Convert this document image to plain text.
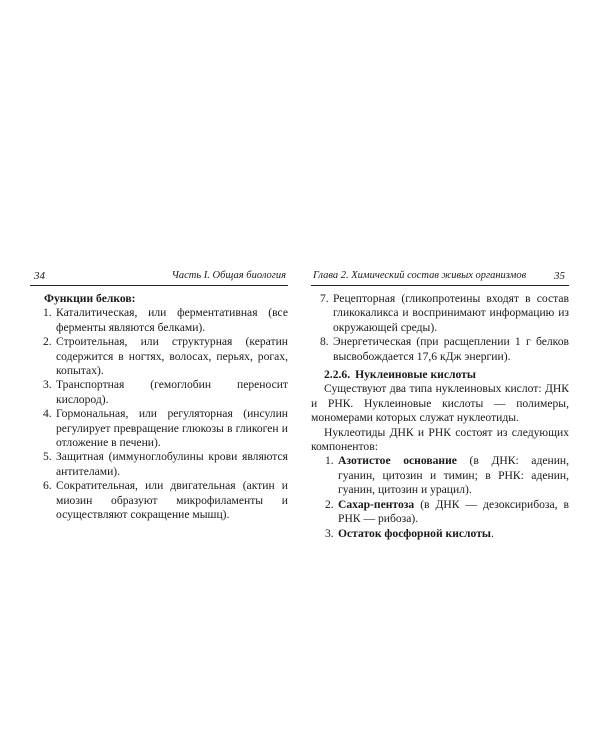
34	Часть I. Общая биология
Функции белков:
1. Каталитическая, или ферментативная (все ферменты являются белками).
2. Строительная, или структурная (кератин содержится в ногтях, волосах, перьях, рогах, копытах).
3. Транспортная (гемоглобин переносит кислород).
4. Гормональная, или регуляторная (инсулин регулирует превращение глюкозы в гликоген и отложение в печени).
5. Защитная (иммуноглобулины крови являются антителами).
6. Сократительная, или двигательная (актин и миозин образуют микрофиламенты и осуществляют сокращение мышц).
Глава 2. Химический состав живых организмов	35
7. Рецепторная (гликопротеины входят в состав гликокаликса и воспринимают информацию из окружающей среды).
8. Энергетическая (при расщеплении 1 г белков высвобождается 17,6 кДж энергии).
2.2.6. Нуклеиновые кислоты

Существуют два типа нуклеиновых кислот: ДНК и РНК. Нуклеиновые кислоты — полимеры, мономерами которых служат нуклеотиды.

Нуклеотиды ДНК и РНК состоят из следующих компонентов:

1. Азотистое основание (в ДНК: аденин, гуанин, цитозин и тимин; в РНК: аденин, гуанин, цитозин и урацил).
2. Сахар-пентоза (в ДНК — дезоксирибоза, в РНК — рибоза).
3. Остаток фосфорной кислоты.
